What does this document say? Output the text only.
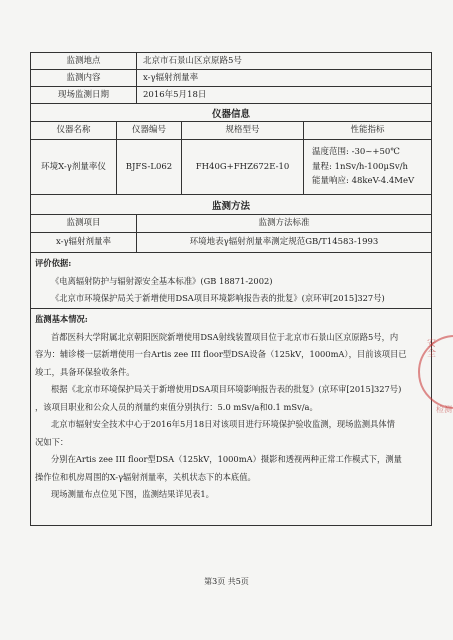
监测地点	北京市石景山区京原路5号
监测内容	x-γ辐射剂量率
现场监测日期	2016年5月18日
仪器信息
仪器名称	仪器编号	规格型号	性能指标
环境X-γ剂量率仪	BJFS-L062	FH40G+FHZ672E-10
温度范围: -30~+50℃
量程: 1nSv/h-100μSv/h
能量响应: 48keV-4.4MeV
监测方法
监测项目	监测方法标准
x-γ辐射剂量率	环境地表γ辐射剂量率测定规范GB/T14583-1993
评价依据:
《电离辐射防护与辐射源安全基本标准》(GB 18871-2002)
《北京市环境保护局关于新增使用DSA项目环境影响报告表的批复》(京环审[2015]327号)
监测基本情况:
首都医科大学附属北京朝阳医院新增使用DSA射线装置项目位于北京市石景山区京原路5号，内
容为：辅诊楼一层新增使用一台Artis zee III floor型DSA设备（125kV，1000mA），目前该项目已
竣工，具备环保验收条件。
根据《北京市环境保护局关于新增使用DSA项目环境影响报告表的批复》(京环审[2015]327号)
，该项目职业和公众人员的剂量约束值分别执行：5.0 mSv/a和0.1 mSv/a。
北京市辐射安全技术中心于2016年5月18日对该项目进行环境保护验收监测，现场监测具体情
况如下：
分别在Artis zee III floor型DSA（125kV，1000mA）摄影和透视两种正常工作模式下，测量
操作位和机房周围的X-γ辐射剂量率，关机状态下的本底值。
现场测量布点位见下图，监测结果详见表1。
安全
检测
第3页 共5页
